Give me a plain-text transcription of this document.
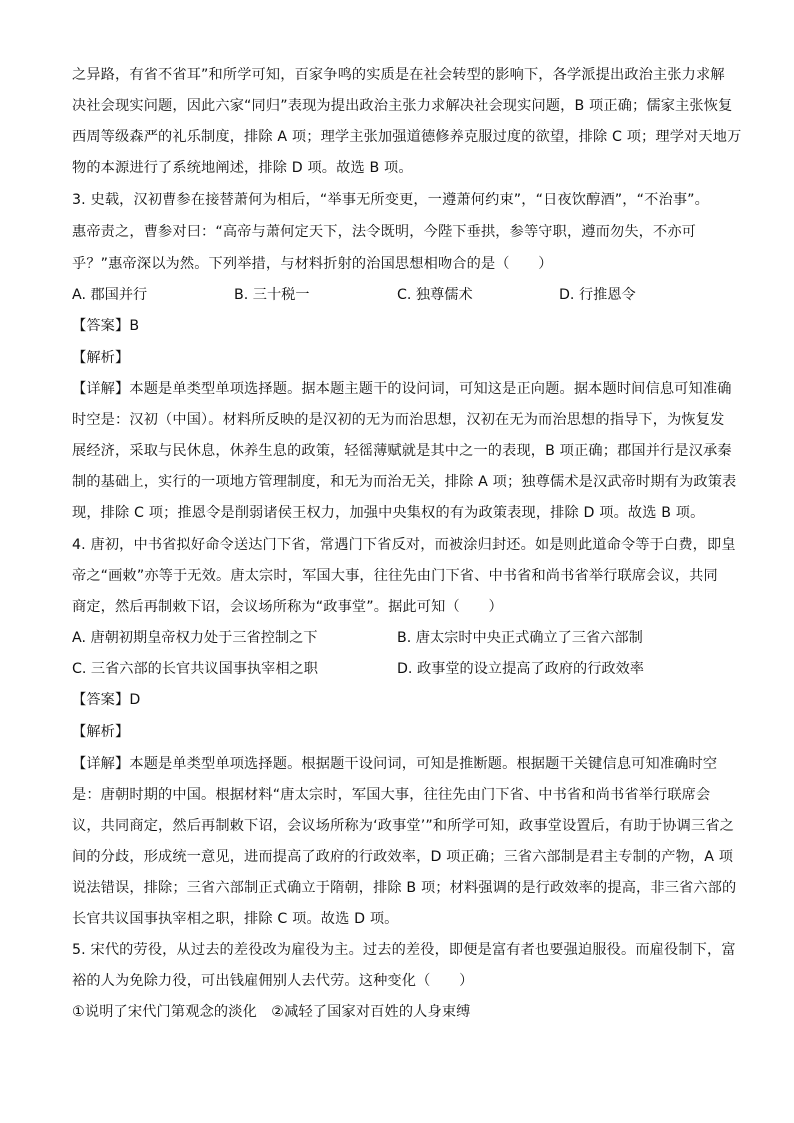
之异路，有省不省耳”和所学可知，百家争鸣的实质是在社会转型的影响下，各学派提出政治主张力求解
决社会现实问题，因此六家“同归”表现为提出政治主张力求解决社会现实问题，B 项正确；儒家主张恢复
西周等级森严的礼乐制度，排除 A 项；理学主张加强道德修养克服过度的欲望，排除 C 项；理学对天地万
物的本源进行了系统地阐述，排除 D 项。故选 B 项。
3. 史载，汉初曹参在接替萧何为相后，“举事无所变更，一遵萧何约束”，“日夜饮醇酒”，“不治事”。
惠帝责之，曹参对曰：“高帝与萧何定天下，法令既明，今陛下垂拱，参等守职，遵而勿失，不亦可
乎？”惠帝深以为然。下列举措，与材料折射的治国思想相吻合的是（　　）
A. 郡国并行	B. 三十税一	C. 独尊儒术	D. 行推恩令
【答案】B
【解析】
【详解】本题是单类型单项选择题。据本题主题干的设问词，可知这是正向题。据本题时间信息可知准确
时空是：汉初（中国）。材料所反映的是汉初的无为而治思想，汉初在无为而治思想的指导下，为恢复发
展经济，采取与民休息，休养生息的政策，轻徭薄赋就是其中之一的表现，B 项正确；郡国并行是汉承秦
制的基础上，实行的一项地方管理制度，和无为而治无关，排除 A 项；独尊儒术是汉武帝时期有为政策表
现，排除 C 项；推恩令是削弱诸侯王权力，加强中央集权的有为政策表现，排除 D 项。故选 B 项。
4. 唐初，中书省拟好命令送达门下省，常遇门下省反对，而被涂归封还。如是则此道命令等于白费，即皇
帝之“画敕”亦等于无效。唐太宗时，军国大事，往往先由门下省、中书省和尚书省举行联席会议，共同
商定，然后再制敕下诏，会议场所称为“政事堂”。据此可知（　　）
A. 唐朝初期皇帝权力处于三省控制之下	B. 唐太宗时中央正式确立了三省六部制
C. 三省六部的长官共议国事执宰相之职	D. 政事堂的设立提高了政府的行政效率
【答案】D
【解析】
【详解】本题是单类型单项选择题。根据题干设问词，可知是推断题。根据题干关键信息可知准确时空
是：唐朝时期的中国。根据材料“唐太宗时，军国大事，往往先由门下省、中书省和尚书省举行联席会
议，共同商定，然后再制敕下诏，会议场所称为‘政事堂’”和所学可知，政事堂设置后，有助于协调三省之
间的分歧，形成统一意见，进而提高了政府的行政效率，D 项正确；三省六部制是君主专制的产物，A 项
说法错误，排除；三省六部制正式确立于隋朝，排除 B 项；材料强调的是行政效率的提高，非三省六部的
长官共议国事执宰相之职，排除 C 项。故选 D 项。
5. 宋代的劳役，从过去的差役改为雇役为主。过去的差役，即便是富有者也要强迫服役。而雇役制下，富
裕的人为免除力役，可出钱雇佣别人去代劳。这种变化（　　）
①说明了宋代门第观念的淡化　②减轻了国家对百姓的人身束缚
